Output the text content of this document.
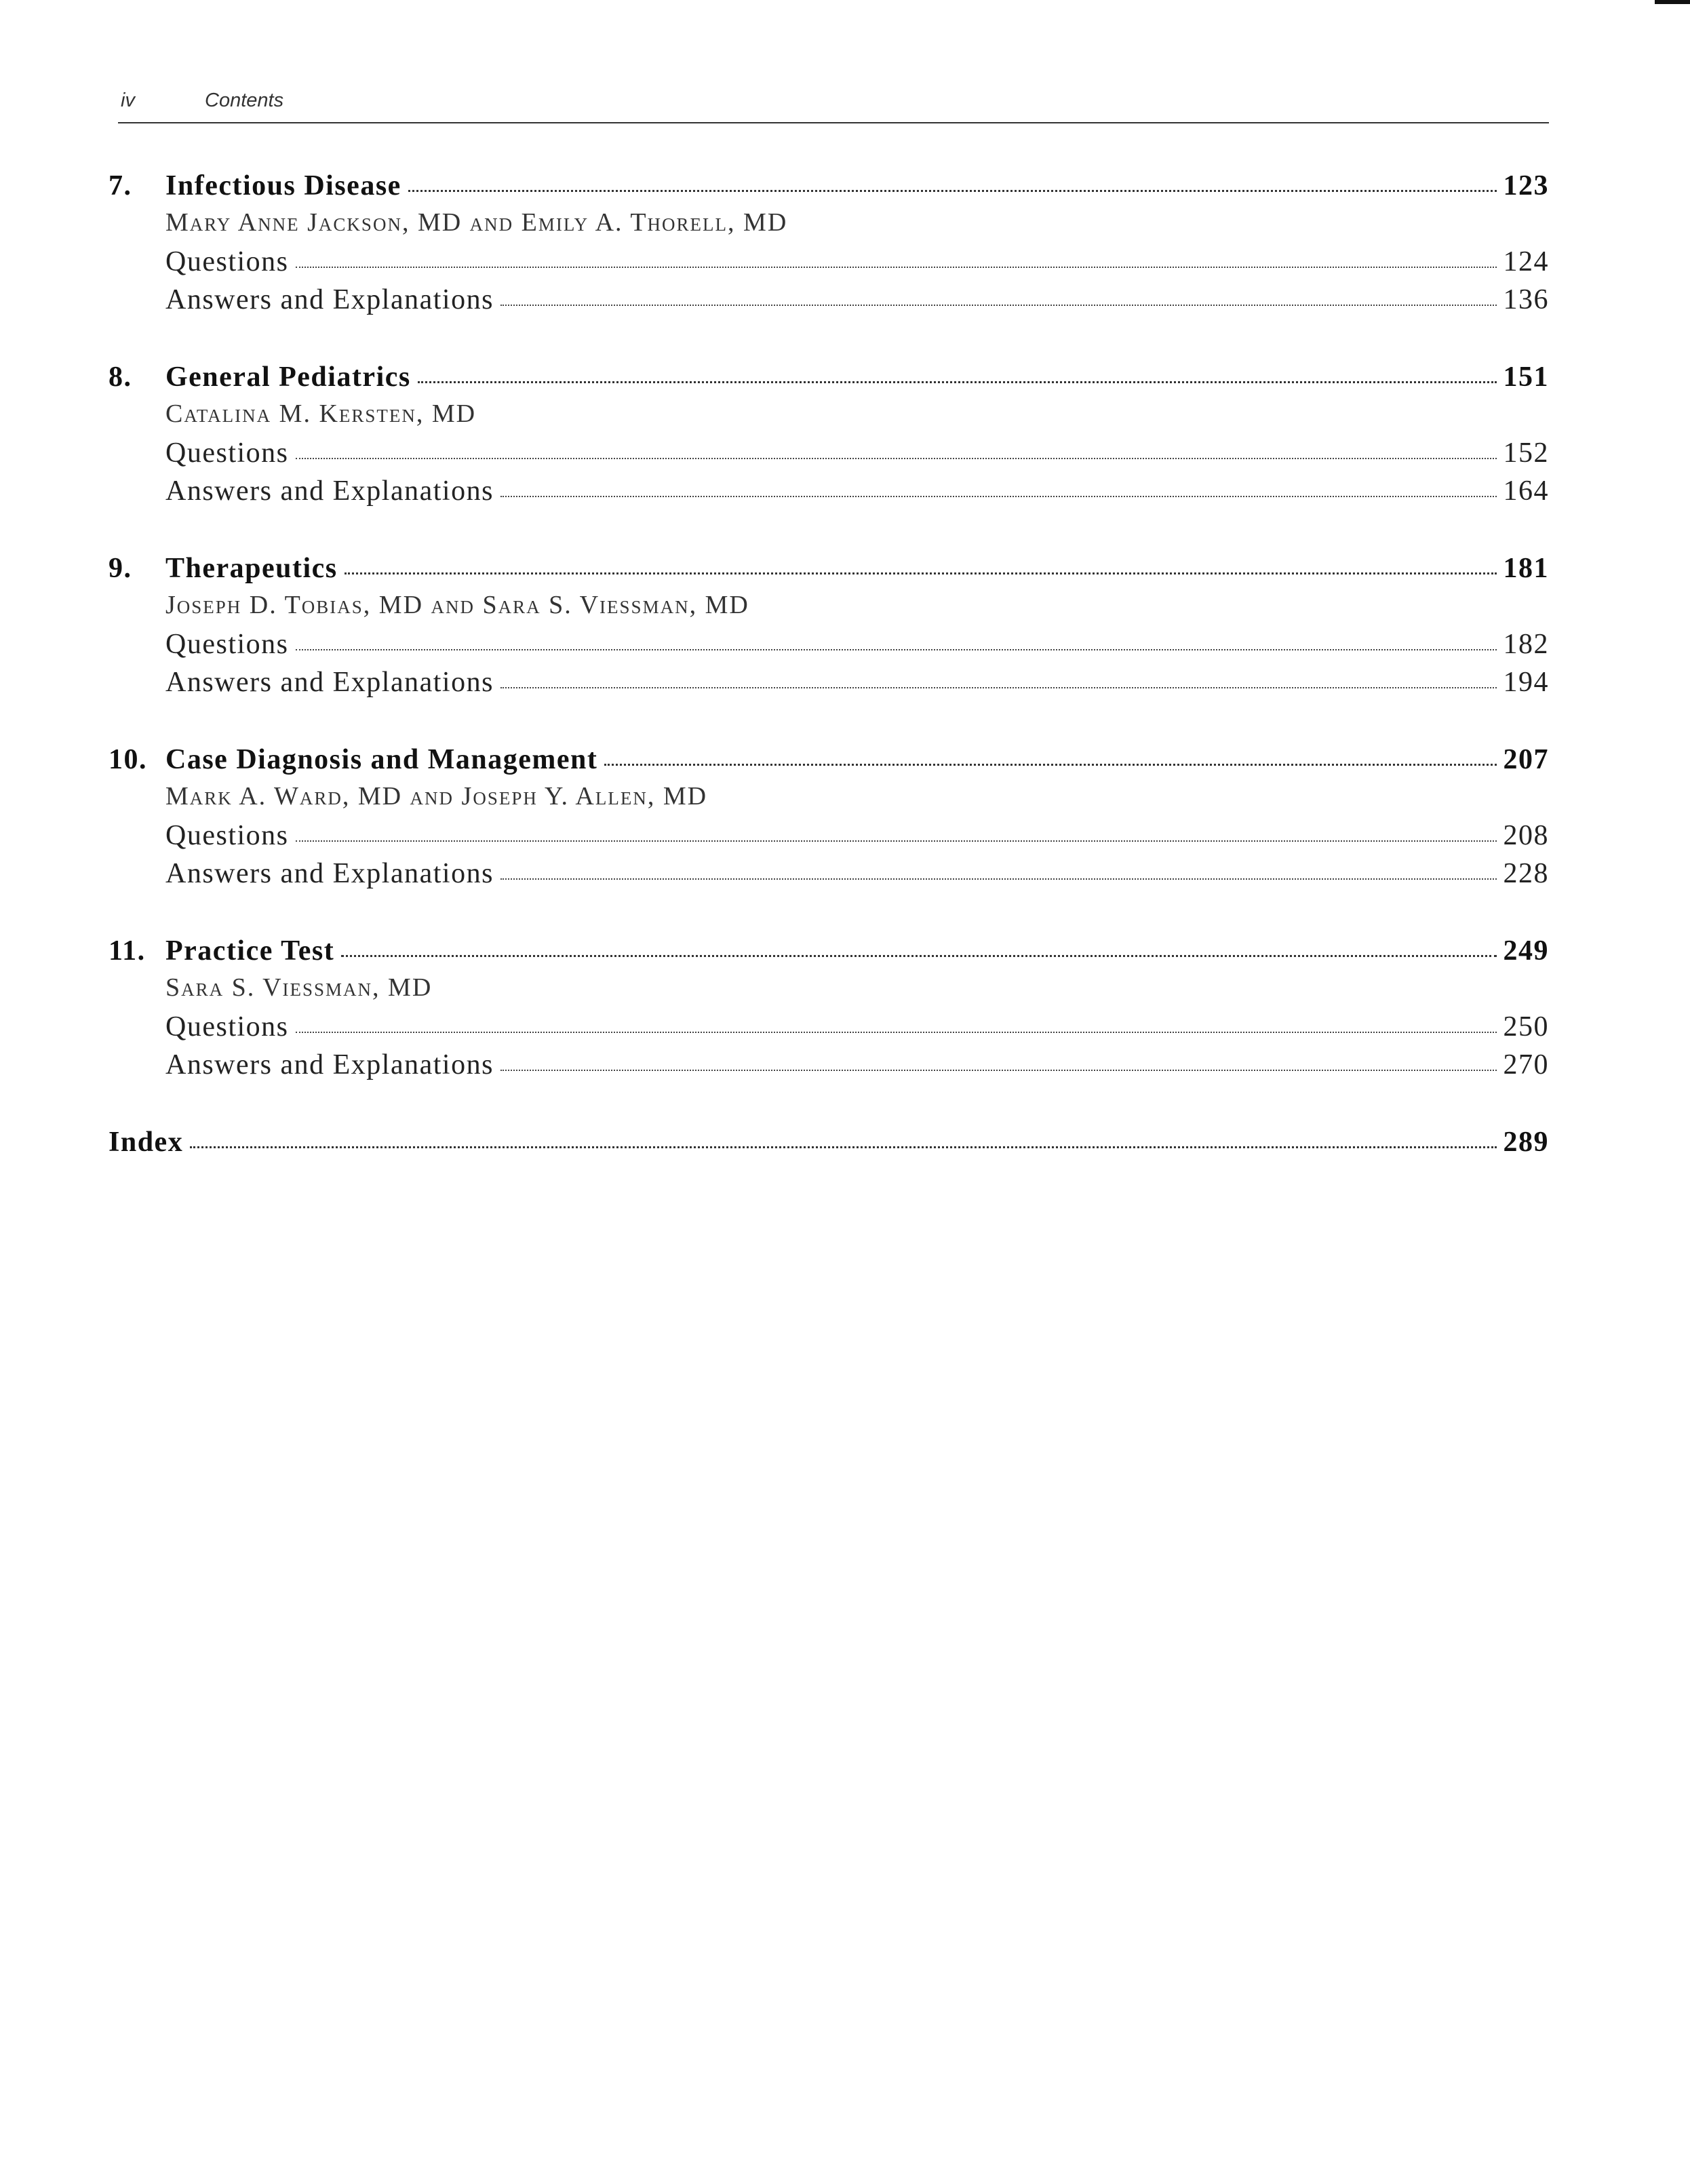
iv	Contents
7.	Infectious Disease	123
Mary Anne Jackson, MD and Emily A. Thorell, MD
Questions	124
Answers and Explanations	136
8.	General Pediatrics	151
Catalina M. Kersten, MD
Questions	152
Answers and Explanations	164
9.	Therapeutics	181
Joseph D. Tobias, MD and Sara S. Viessman, MD
Questions	182
Answers and Explanations	194
10. Case Diagnosis and Management	207
Mark A. Ward, MD and Joseph Y. Allen, MD
Questions	208
Answers and Explanations	228
11. Practice Test	249
Sara S. Viessman, MD
Questions	250
Answers and Explanations	270
Index	289
